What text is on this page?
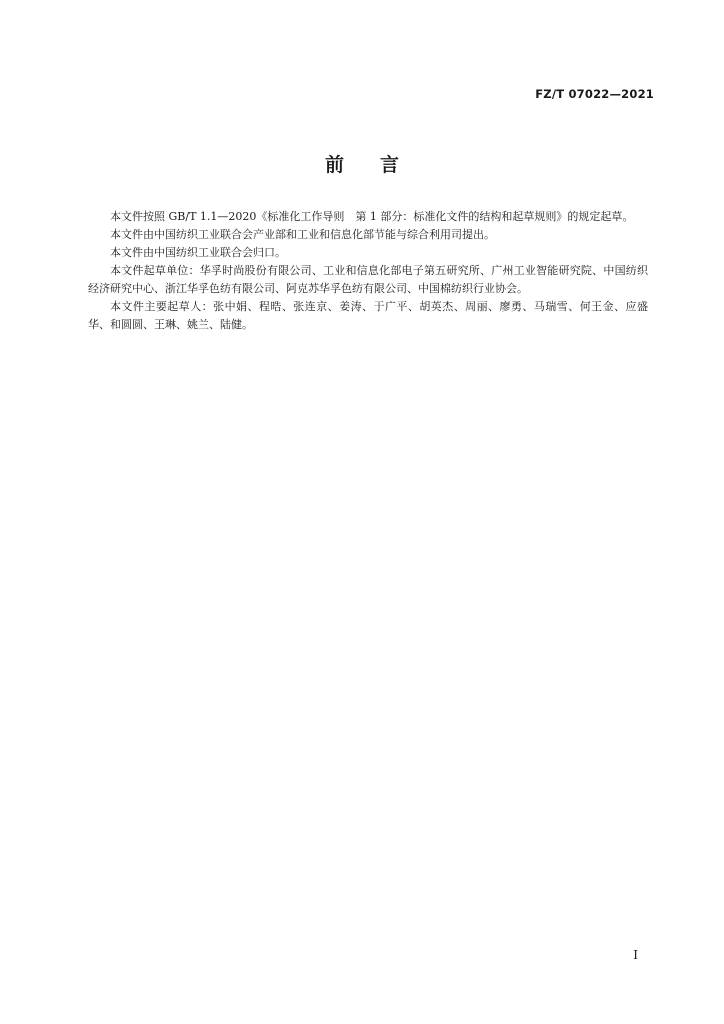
FZ/T 07022—2021
前言

本文件按照 GB/T 1.1—2020《标准化工作导则　第 1 部分：标准化文件的结构和起草规则》的规定起草。

本文件由中国纺织工业联合会产业部和工业和信息化部节能与综合利用司提出。

本文件由中国纺织工业联合会归口。

本文件起草单位：华孚时尚股份有限公司、工业和信息化部电子第五研究所、广州工业智能研究院、中国纺织经济研究中心、浙江华孚色纺有限公司、阿克苏华孚色纺有限公司、中国棉纺织行业协会。

本文件主要起草人：张中娟、程晧、张连京、姜涛、于广平、胡英杰、周丽、廖勇、马瑞雪、何王金、应盛华、和圆圆、王琳、姚兰、陆健。

I
